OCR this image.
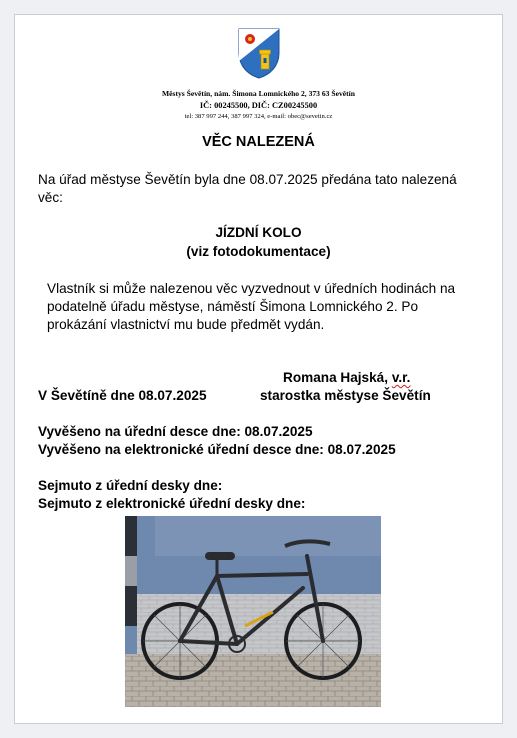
Městys Ševětín, nám. Šimona Lomnického 2, 373 63 Ševětín
IČ: 00245500, DIČ: CZ00245500
tel: 387 997 244, 387 997 324, e-mail: obec@sevetin.cz
VĚC NALEZENÁ
Na úřad městyse Ševětín byla dne 08.07.2025 předána tato nalezená věc:
JÍZDNÍ KOLO
(viz fotodokumentace)
Vlastník si může nalezenou věc vyzvednout v úředních hodinách na podatelně úřadu městyse, náměstí Šimona Lomnického 2. Po prokázání vlastnictví mu bude předmět vydán.
Romana Hajská, v.r.
V Ševětíně dne 08.07.2025	starostka městyse Ševětín
Vyvěšeno na úřední desce dne: 08.07.2025
Vyvěšeno na elektronické úřední desce dne: 08.07.2025
Sejmuto z úřední desky dne:
Sejmuto z elektronické úřední desky dne:
